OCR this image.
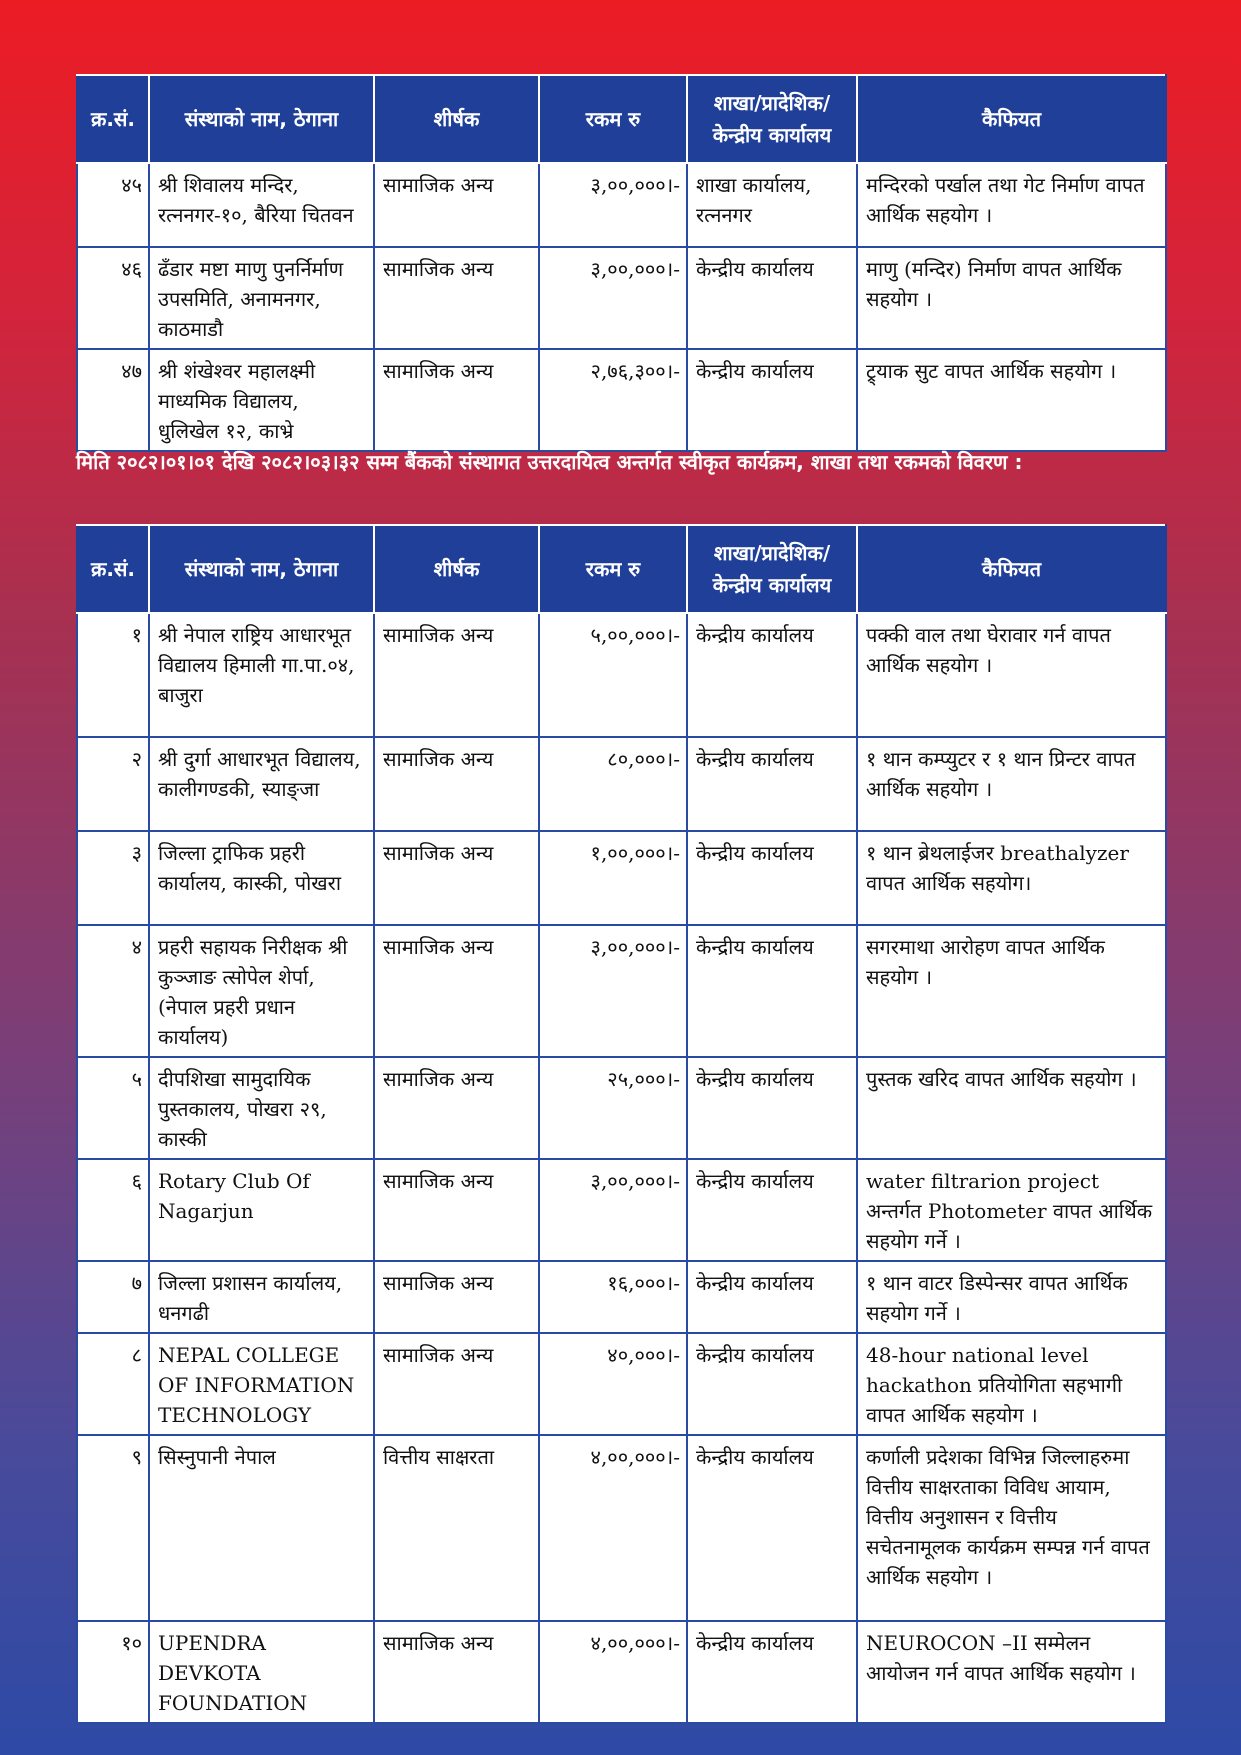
क्र.सं.	संस्थाको नाम, ठेगाना	शीर्षक	रकम रु	शाखा/प्रादेशिक/ केन्द्रीय कार्यालय	कैफियत
४५	श्री शिवालय मन्दिर, रत्ननगर-१०, बैरिया चितवन	सामाजिक अन्य	३,००,०००।-	शाखा कार्यालय, रत्ननगर	मन्दिरको पर्खाल तथा गेट निर्माण वापत आर्थिक सहयोग ।
४६	ढँडार मष्टा माणु पुनर्निर्माण उपसमिति, अनामनगर, काठमाडौ	सामाजिक अन्य	३,००,०००।-	केन्द्रीय कार्यालय	माणु (मन्दिर) निर्माण वापत आर्थिक सहयोग ।
४७	श्री शंखेश्वर महालक्ष्मी माध्यमिक विद्यालय, धुलिखेल १२, काभ्रे	सामाजिक अन्य	२,७६,३००।-	केन्द्रीय कार्यालय	ट्र्याक सुट वापत आर्थिक सहयोग ।
मिति २०८२।०१।०१ देखि २०८२।०३।३२ सम्म बैंकको संस्थागत उत्तरदायित्व अन्तर्गत स्वीकृत कार्यक्रम, शाखा तथा रकमको विवरण :
क्र.सं.	संस्थाको नाम, ठेगाना	शीर्षक	रकम रु	शाखा/प्रादेशिक/ केन्द्रीय कार्यालय	कैफियत
१	श्री नेपाल राष्ट्रिय आधारभूत विद्यालय हिमाली गा.पा.०४, बाजुरा	सामाजिक अन्य	५,००,०००।-	केन्द्रीय कार्यालय	पक्की वाल तथा घेरावार गर्न वापत आर्थिक सहयोग ।
२	श्री दुर्गा आधारभूत विद्यालय, कालीगण्डकी, स्याङ्जा	सामाजिक अन्य	८०,०००।-	केन्द्रीय कार्यालय	१ थान कम्प्युटर र १ थान प्रिन्टर वापत आर्थिक सहयोग ।
३	जिल्ला ट्राफिक प्रहरी कार्यालय, कास्की, पोखरा	सामाजिक अन्य	१,००,०००।-	केन्द्रीय कार्यालय	१ थान ब्रेथलाईजर breathalyzer वापत आर्थिक सहयोग।
४	प्रहरी सहायक निरीक्षक श्री कुञ्जाङ त्सोपेल शेर्पा, (नेपाल प्रहरी प्रधान कार्यालय)	सामाजिक अन्य	३,००,०००।-	केन्द्रीय कार्यालय	सगरमाथा आरोहण वापत आर्थिक सहयोग ।
५	दीपशिखा सामुदायिक पुस्तकालय, पोखरा २९, कास्की	सामाजिक अन्य	२५,०००।-	केन्द्रीय कार्यालय	पुस्तक खरिद वापत आर्थिक सहयोग ।
६	Rotary Club Of Nagarjun	सामाजिक अन्य	३,००,०००।-	केन्द्रीय कार्यालय	water filtrarion project अन्तर्गत Photometer वापत आर्थिक सहयोग गर्ने ।
७	जिल्ला प्रशासन कार्यालय, धनगढी	सामाजिक अन्य	१६,०००।-	केन्द्रीय कार्यालय	१ थान वाटर डिस्पेन्सर वापत आर्थिक सहयोग गर्ने ।
८	NEPAL COLLEGE OF INFORMATION TECHNOLOGY	सामाजिक अन्य	४०,०००।-	केन्द्रीय कार्यालय	48-hour national level hackathon प्रतियोगिता सहभागी वापत आर्थिक सहयोग ।
९	सिस्नुपानी नेपाल	वित्तीय साक्षरता	४,००,०००।-	केन्द्रीय कार्यालय	कर्णाली प्रदेशका विभिन्न जिल्लाहरुमा वित्तीय साक्षरताका विविध आयाम, वित्तीय अनुशासन र वित्तीय सचेतनामूलक कार्यक्रम सम्पन्न गर्न वापत आर्थिक सहयोग ।
१०	UPENDRA DEVKOTA FOUNDATION	सामाजिक अन्य	४,००,०००।-	केन्द्रीय कार्यालय	NEUROCON –II सम्मेलन आयोजन गर्न वापत आर्थिक सहयोग ।
